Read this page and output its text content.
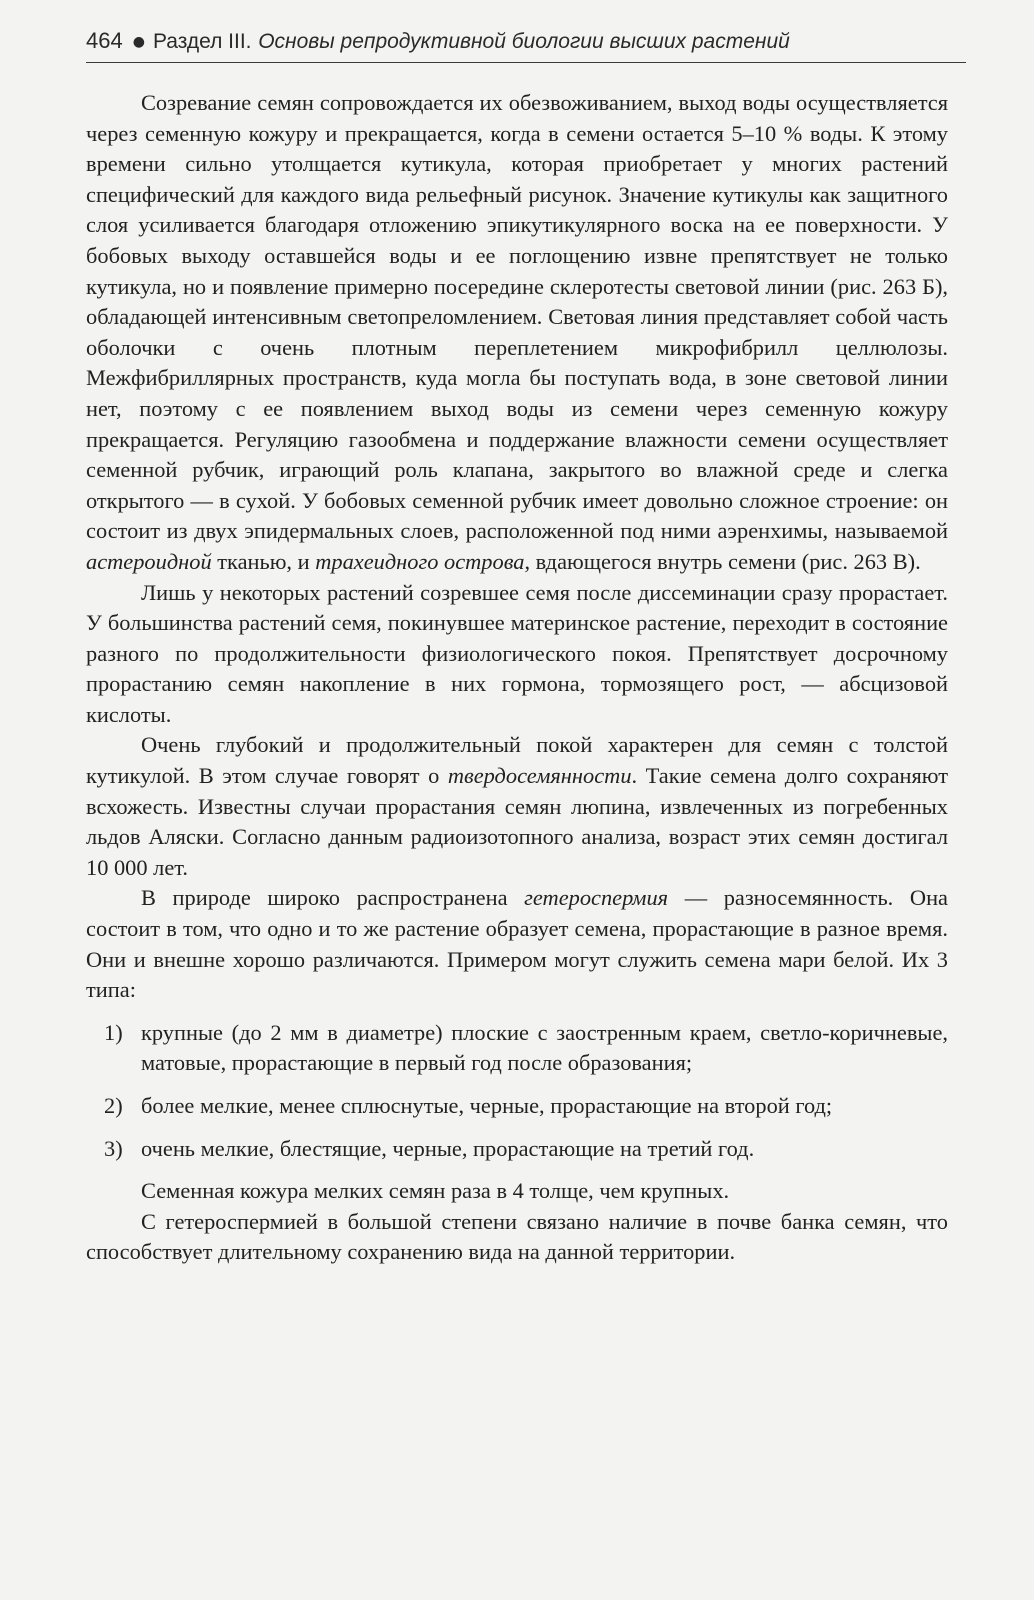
464 ● Раздел III. Основы репродуктивной биологии высших растений

Созревание семян сопровождается их обезвоживанием, выход воды осуществляется через семенную кожуру и прекращается, когда в семени остается 5–10 % воды. К этому времени сильно утолщается кутикула, которая приобретает у многих растений специфический для каждого вида рельефный рисунок. Значение кутикулы как защитного слоя усиливается благодаря отложению эпикутикулярного воска на ее поверхности. У бобовых выходу оставшейся воды и ее поглощению извне препятствует не только кутикула, но и появление примерно посередине склеротесты световой линии (рис. 263 Б), обладающей интенсивным светопреломлением. Световая линия представляет собой часть оболочки с очень плотным переплетением микрофибрилл целлюлозы. Межфибриллярных пространств, куда могла бы поступать вода, в зоне световой линии нет, поэтому с ее появлением выход воды из семени через семенную кожуру прекращается. Регуляцию газообмена и поддержание влажности семени осуществляет семенной рубчик, играющий роль клапана, закрытого во влажной среде и слегка открытого — в сухой. У бобовых семенной рубчик имеет довольно сложное строение: он состоит из двух эпидермальных слоев, расположенной под ними аэренхимы, называемой астероидной тканью, и трахеидного острова, вдающегося внутрь семени (рис. 263 В).

Лишь у некоторых растений созревшее семя после диссеминации сразу прорастает. У большинства растений семя, покинувшее материнское растение, переходит в состояние разного по продолжительности физиологического покоя. Препятствует досрочному прорастанию семян накопление в них гормона, тормозящего рост, — абсцизовой кислоты.

Очень глубокий и продолжительный покой характерен для семян с толстой кутикулой. В этом случае говорят о твердосемянности. Такие семена долго сохраняют всхожесть. Известны случаи прорастания семян люпина, извлеченных из погребенных льдов Аляски. Согласно данным радиоизотопного анализа, возраст этих семян достигал 10 000 лет.

В природе широко распространена гетероспермия — разносемянность. Она состоит в том, что одно и то же растение образует семена, прорастающие в разное время. Они и внешне хорошо различаются. Примером могут служить семена мари белой. Их 3 типа:

1) крупные (до 2 мм в диаметре) плоские с заостренным краем, светло-коричневые, матовые, прорастающие в первый год после образования;
2) более мелкие, менее сплюснутые, черные, прорастающие на второй год;
3) очень мелкие, блестящие, черные, прорастающие на третий год.

Семенная кожура мелких семян раза в 4 толще, чем крупных.

С гетероспермией в большой степени связано наличие в почве банка семян, что способствует длительному сохранению вида на данной территории.
